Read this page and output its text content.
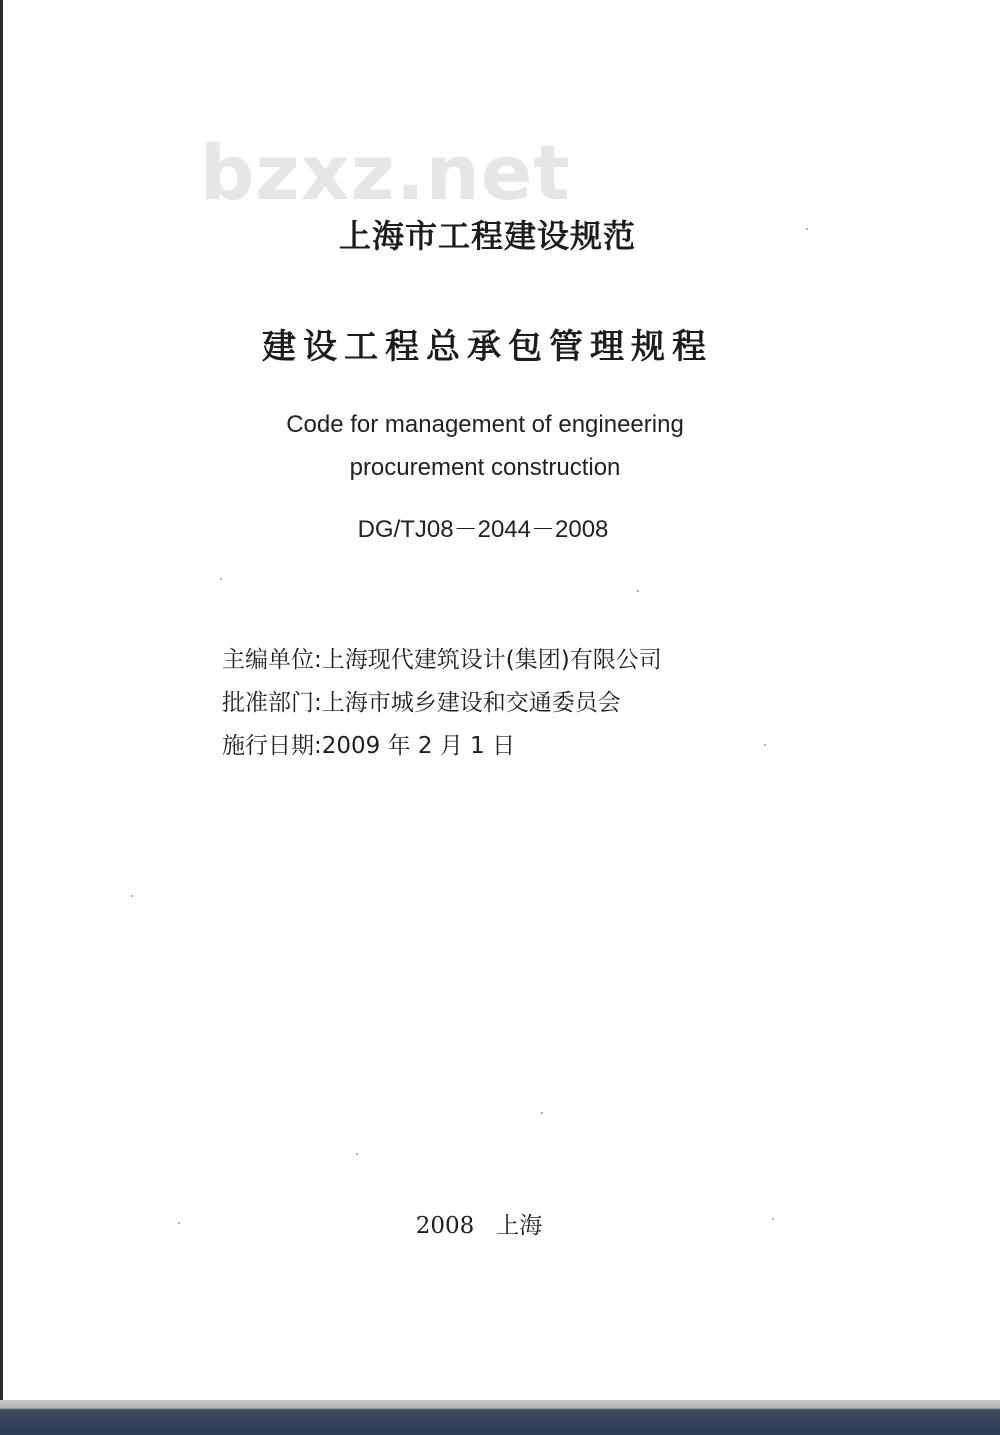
bzxz.net
上海市工程建设规范
建设工程总承包管理规程
Code for management of engineering
procurement construction
DG/TJ08－2044－2008
主编单位:上海现代建筑设计(集团)有限公司
批准部门:上海市城乡建设和交通委员会
施行日期:2009 年 2 月 1 日
2008   上海
